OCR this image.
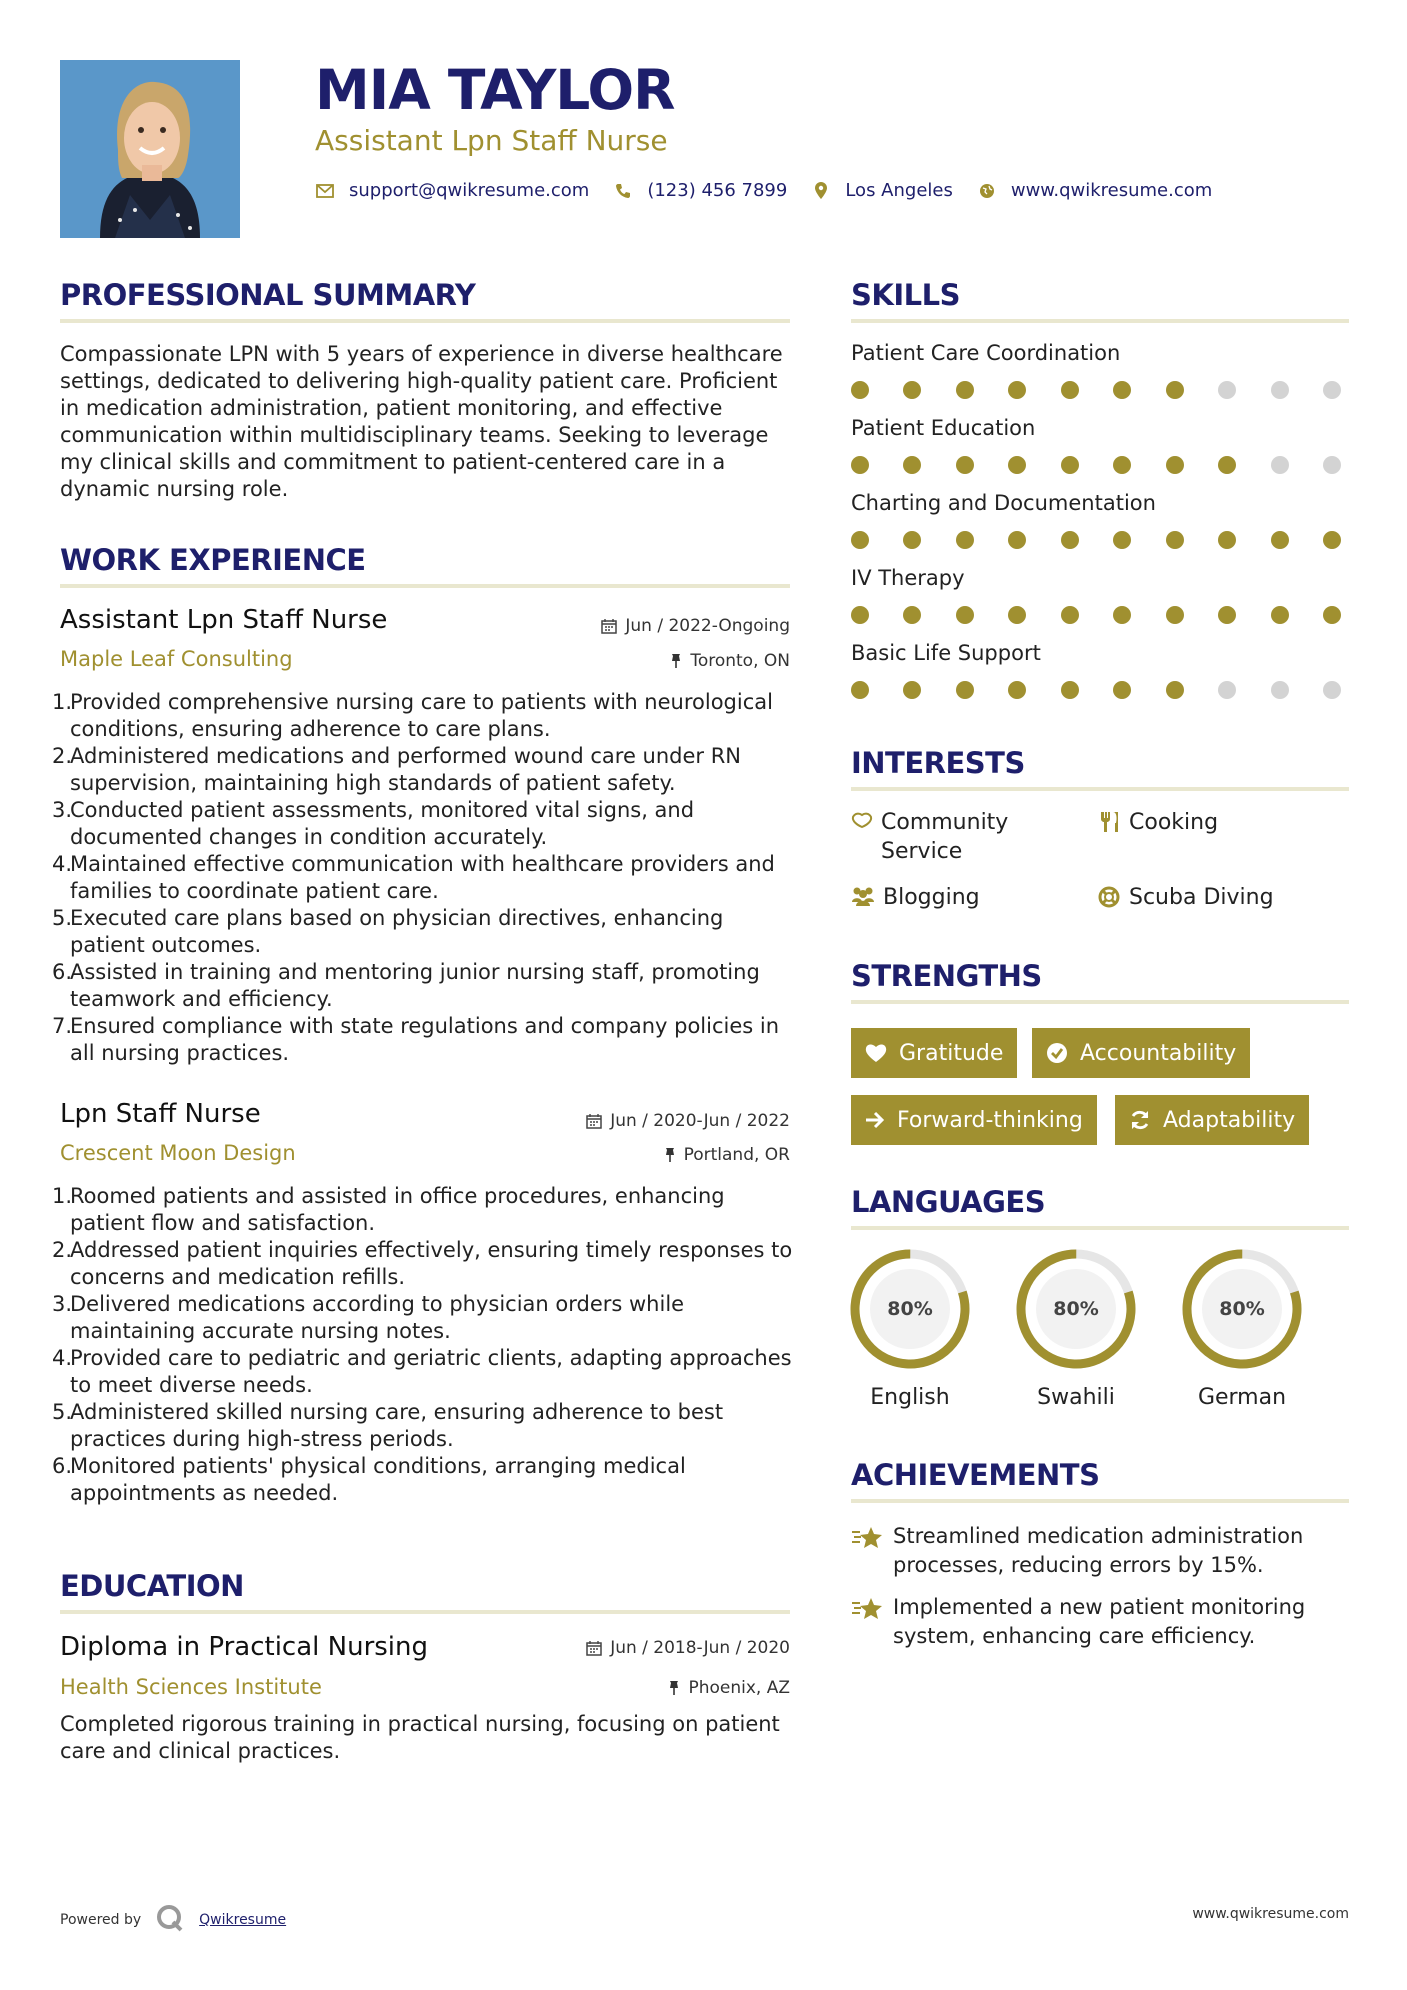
MIA TAYLOR
Assistant Lpn Staff Nurse
support@qwikresume.com	(123) 456 7899	Los Angeles	www.qwikresume.com
PROFESSIONAL SUMMARY
Compassionate LPN with 5 years of experience in diverse healthcare settings, dedicated to delivering high-quality patient care. Proficient in medication administration, patient monitoring, and effective communication within multidisciplinary teams. Seeking to leverage my clinical skills and commitment to patient-centered care in a dynamic nursing role.
WORK EXPERIENCE
Assistant Lpn Staff Nurse	Jun / 2022-Ongoing
Maple Leaf Consulting	Toronto, ON
1.
Provided comprehensive nursing care to patients with neurological conditions, ensuring adherence to care plans.
2.
Administered medications and performed wound care under RN supervision, maintaining high standards of patient safety.
3.
Conducted patient assessments, monitored vital signs, and documented changes in condition accurately.
4.
Maintained effective communication with healthcare providers and families to coordinate patient care.
5.
Executed care plans based on physician directives, enhancing patient outcomes.
6.
Assisted in training and mentoring junior nursing staff, promoting teamwork and efficiency.
7.
Ensured compliance with state regulations and company policies in all nursing practices.
Lpn Staff Nurse	Jun / 2020-Jun / 2022
Crescent Moon Design	Portland, OR
1.
Roomed patients and assisted in office procedures, enhancing patient flow and satisfaction.
2.
Addressed patient inquiries effectively, ensuring timely responses to concerns and medication refills.
3.
Delivered medications according to physician orders while maintaining accurate nursing notes.
4.
Provided care to pediatric and geriatric clients, adapting approaches to meet diverse needs.
5.
Administered skilled nursing care, ensuring adherence to best practices during high-stress periods.
6.
Monitored patients' physical conditions, arranging medical appointments as needed.
EDUCATION
Diploma in Practical Nursing	Jun / 2018-Jun / 2020
Health Sciences Institute	Phoenix, AZ
Completed rigorous training in practical nursing, focusing on patient care and clinical practices.
SKILLS
Patient Care Coordination
Patient Education
Charting and Documentation
IV Therapy
Basic Life Support
INTERESTS
Community Service
Cooking
Blogging	Scuba Diving
STRENGTHS
Gratitude	Accountability
Forward-thinking	Adaptability
LANGUAGES
80%
English
80%
Swahili
80%
German
ACHIEVEMENTS
Streamlined medication administration processes, reducing errors by 15%.
Implemented a new patient monitoring system, enhancing care efficiency.
Powered by	Qwikresume	www.qwikresume.com
